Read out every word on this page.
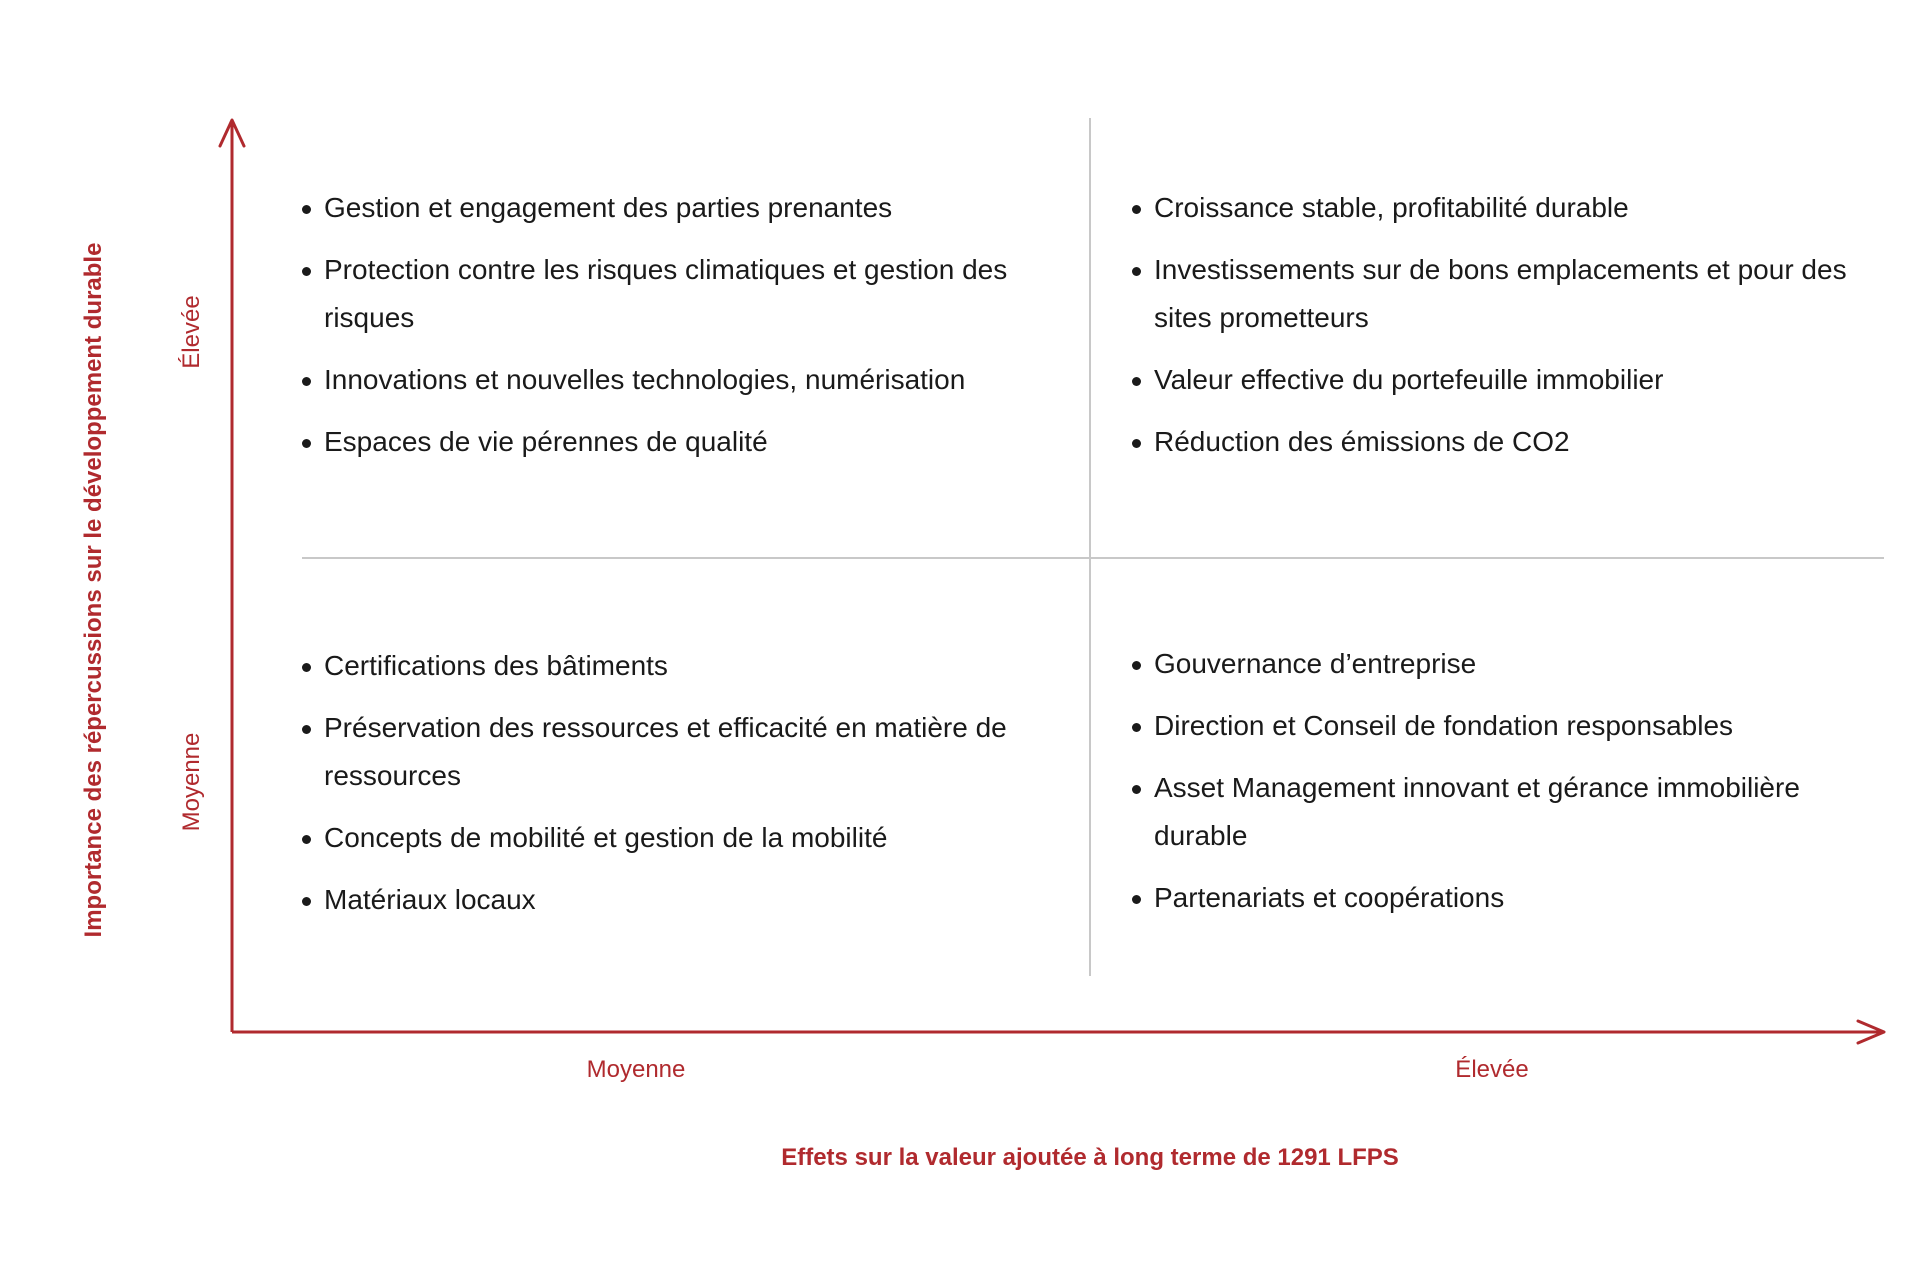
Importance des répercussions sur le développement durable	Élevée
Moyenne
Moyenne	Élevée
Effets sur la valeur ajoutée à long terme de 1291 LFPS
Gestion et engagement des parties prenantes
Protection contre les risques climatiques et gestion des risques
Innovations et nouvelles technologies, numérisation
Espaces de vie pérennes de qualité
Croissance stable, profitabilité durable
Investissements sur de bons emplacements et pour des sites prometteurs
Valeur effective du portefeuille immobilier
Réduction des émissions de CO2
Certifications des bâtiments
Préservation des ressources et efficacité en matière de ressources
Concepts de mobilité et gestion de la mobilité
Matériaux locaux
Gouvernance d’entreprise
Direction et Conseil de fondation responsables
Asset Management innovant et gérance immobilière durable
Partenariats et coopérations
